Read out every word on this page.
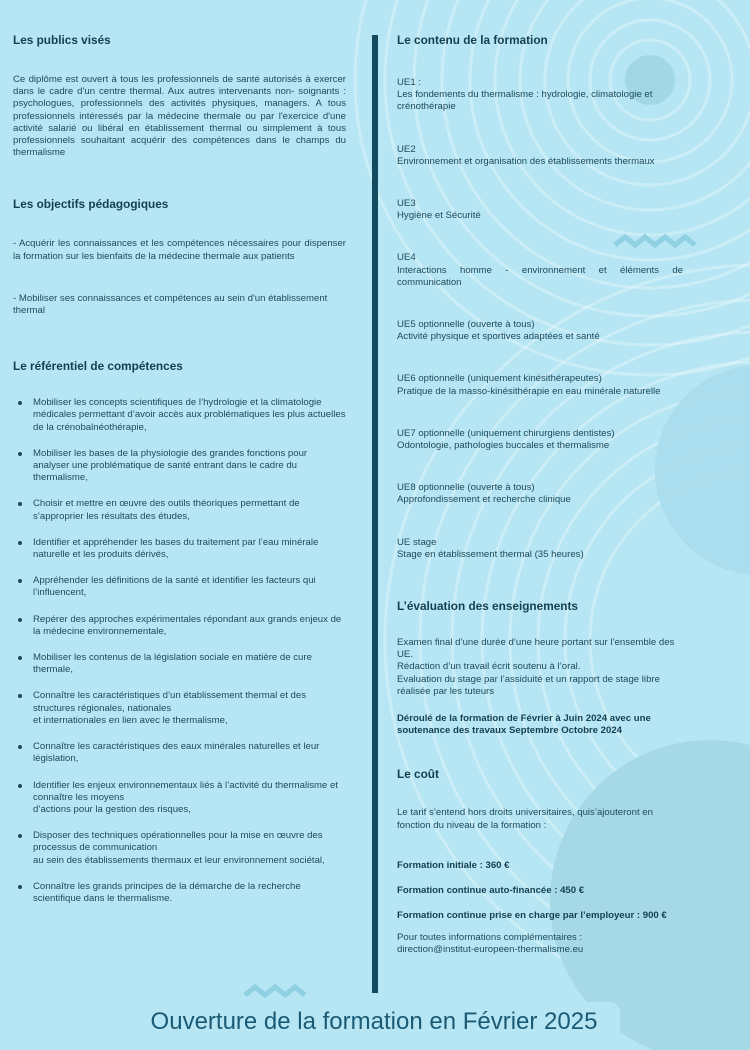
Les publics visés

Ce diplôme est ouvert à tous les professionnels de santé autorisés à exercer dans le cadre d'un centre thermal. Aux autres intervenants non- soignants : psychologues, professionnels des activités physiques, managers. A tous professionnels intéressés par la médecine thermale ou par l'exercice d'une activité salarié ou libéral en établissement thermal ou simplement à tous professionnels souhaitant acquérir des compétences dans le champs du thermalisme

Les objectifs pédagogiques

- Acquérir les connaissances et les compétences nécessaires pour dispenser la formation sur les bienfaits de la médecine thermale aux patients

- Mobiliser ses connaissances et compétences au sein d'un établissement thermal

Le référentiel de compétences
Mobiliser les concepts scientifiques de l’hydrologie et la climatologie médicales permettant d’avoir accès aux problématiques les plus actuelles de la crénobalnéothérapie,
Mobiliser les bases de la physiologie des grandes fonctions pour analyser une problématique de santé entrant dans le cadre du thermalisme,
Choisir et mettre en œuvre des outils théoriques permettant de s’approprier les résultats des études,
Identifier et appréhender les bases du traitement par l’eau minérale naturelle et les produits dérivés,
Appréhender les définitions de la santé et identifier les facteurs qui l’influencent,
Repérer des approches expérimentales répondant aux grands enjeux de la médecine environnementale,
Mobiliser les contenus de la législation sociale en matière de cure thermale,
Connaître les caractéristiques d’un établissement thermal et des structures régionales, nationales
et internationales en lien avec le thermalisme,
Connaître les caractéristiques des eaux minérales naturelles et leur législation,
Identifier les enjeux environnementaux liés à l’activité du thermalisme et connaître les moyens
d’actions pour la gestion des risques,
Disposer des techniques opérationnelles pour la mise en œuvre des processus de communication
au sein des établissements thermaux et leur environnement sociétal,
Connaître les grands principes de la démarche de la recherche scientifique dans le thermalisme.
Le contenu de la formation

UE1 :

Les fondements du thermalisme : hydrologie, climatologie et crénothérapie

UE2

Environnement et organisation des établissements thermaux

UE3

Hygiène et Sécurité

UE4

Interactions homme - environnement et éléments de communication

UE5 optionnelle (ouverte à tous)

Activité physique et sportives adaptées et santé

UE6 optionnelle (uniquement kinésithérapeutes)

Pratique de la masso-kinésithérapie en eau minérale naturelle

UE7 optionnelle (uniquement chirurgiens dentistes)

Odontologie, pathologies buccales et thermalisme

UE8 optionnelle (ouverte à tous)

Approfondissement et recherche clinique

UE stage

Stage en établissement thermal (35 heures)

L’évaluation des enseignements

Examen final d’une durée d’une heure portant sur l’ensemble des UE.
Rédaction d’un travail écrit soutenu à l’oral.
Evaluation du stage par l’assiduité et un rapport de stage libre réalisée par les tuteurs

Déroulé de la formation de Février à Juin 2024 avec une soutenance des travaux Septembre Octobre 2024

Le coût

Le tarif s’entend hors droits universitaires, quis’ajouteront en fonction du niveau de la formation :

Formation initiale : 360 €

Formation continue auto-financée : 450 €

Formation continue prise en charge par l’employeur : 900 €

Pour toutes informations complémentaires :
direction@institut-europeen-thermalisme.eu

Ouverture de la formation en Février 2025
